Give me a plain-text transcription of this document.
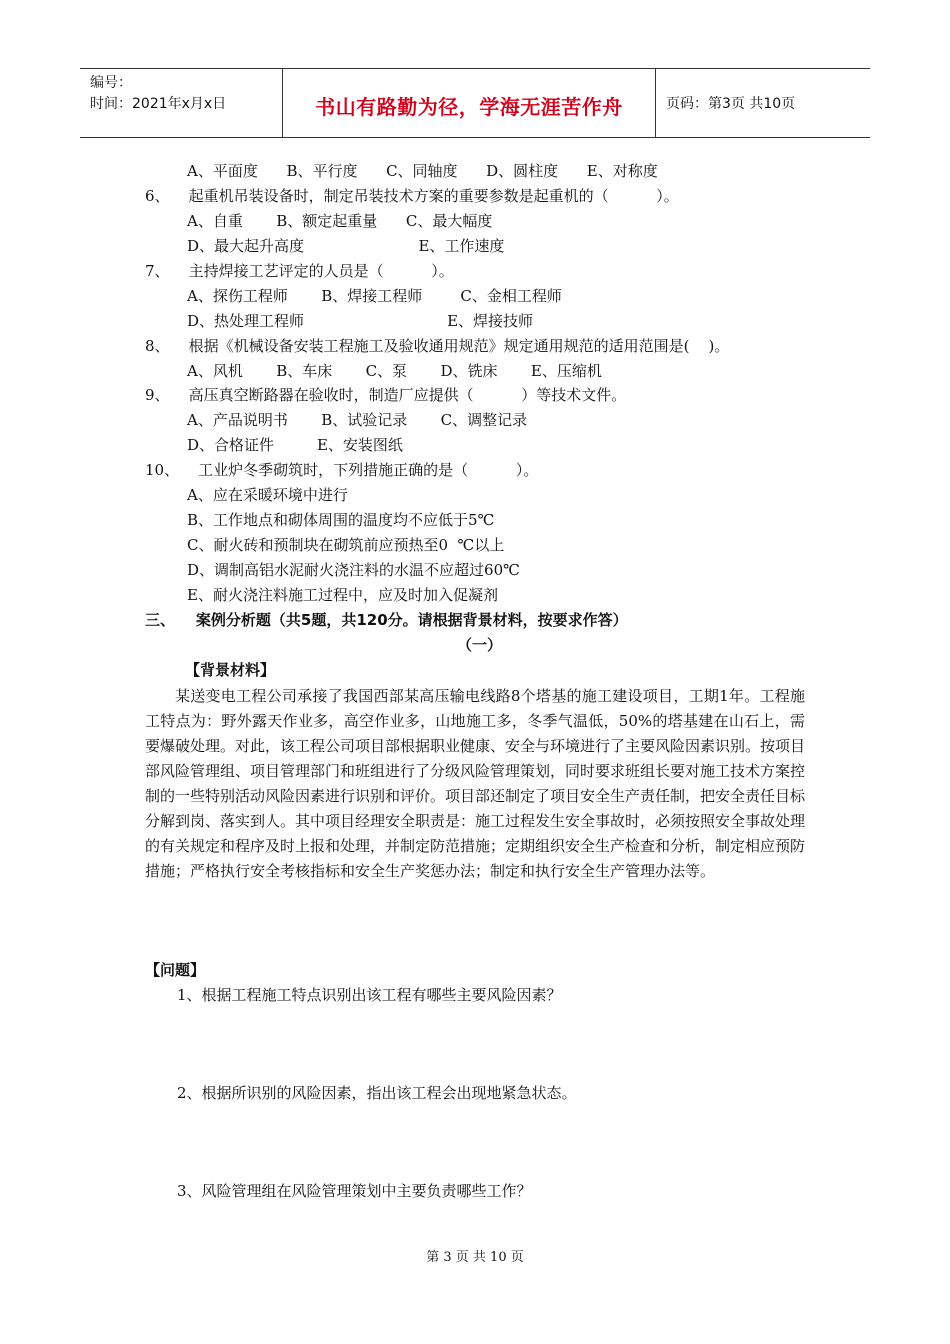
编号：
时间：2021年x月x日	书山有路勤为径，学海无涯苦作舟	页码：第3页 共10页
A、平面度      B、平行度      C、同轴度      D、圆柱度      E、对称度
6、    起重机吊装设备时，制定吊装技术方案的重要参数是起重机的（          ）。
A、自重       B、额定起重量      C、最大幅度
D、最大起升高度                        E、工作速度
7、    主持焊接工艺评定的人员是（          ）。
A、探伤工程师       B、焊接工程师        C、金相工程师
D、热处理工程师                              E、焊接技师
8、    根据《机械设备安装工程施工及验收通用规范》规定通用规范的适用范围是(    )。
A、风机       B、车床       C、泵       D、铣床       E、压缩机
9、    高压真空断路器在验收时，制造厂应提供（          ）等技术文件。
A、产品说明书       B、试验记录       C、调整记录
D、合格证件         E、安装图纸
10、    工业炉冬季砌筑时，下列措施正确的是（          ）。
A、应在采暖环境中进行
B、工作地点和砌体周围的温度均不应低于5℃
C、耐火砖和预制块在砌筑前应预热至0  ℃以上
D、调制高铝水泥耐火浇注料的水温不应超过60℃
E、耐火浇注料施工过程中，应及时加入促凝剂
三、    案例分析题（共5题，共120分。请根据背景材料，按要求作答）
（一）
【背景材料】
某送变电工程公司承接了我国西部某高压输电线路8个塔基的施工建设项目，工期1年。工程施工特点为：野外露天作业多，高空作业多，山地施工多，冬季气温低，50%的塔基建在山石上，需要爆破处理。对此，该工程公司项目部根据职业健康、安全与环境进行了主要风险因素识别。按项目部风险管理组、项目管理部门和班组进行了分级风险管理策划，同时要求班组长要对施工技术方案控制的一些特别活动风险因素进行识别和评价。项目部还制定了项目安全生产责任制，把安全责任目标分解到岗、落实到人。其中项目经理安全职责是：施工过程发生安全事故时，必须按照安全事故处理的有关规定和程序及时上报和处理，并制定防范措施；定期组织安全生产检查和分析，制定相应预防措施；严格执行安全考核指标和安全生产奖惩办法；制定和执行安全生产管理办法等。
【问题】
1、根据工程施工特点识别出该工程有哪些主要风险因素？
2、根据所识别的风险因素，指出该工程会出现地紧急状态。
3、风险管理组在风险管理策划中主要负责哪些工作？
第 3 页 共 10 页
